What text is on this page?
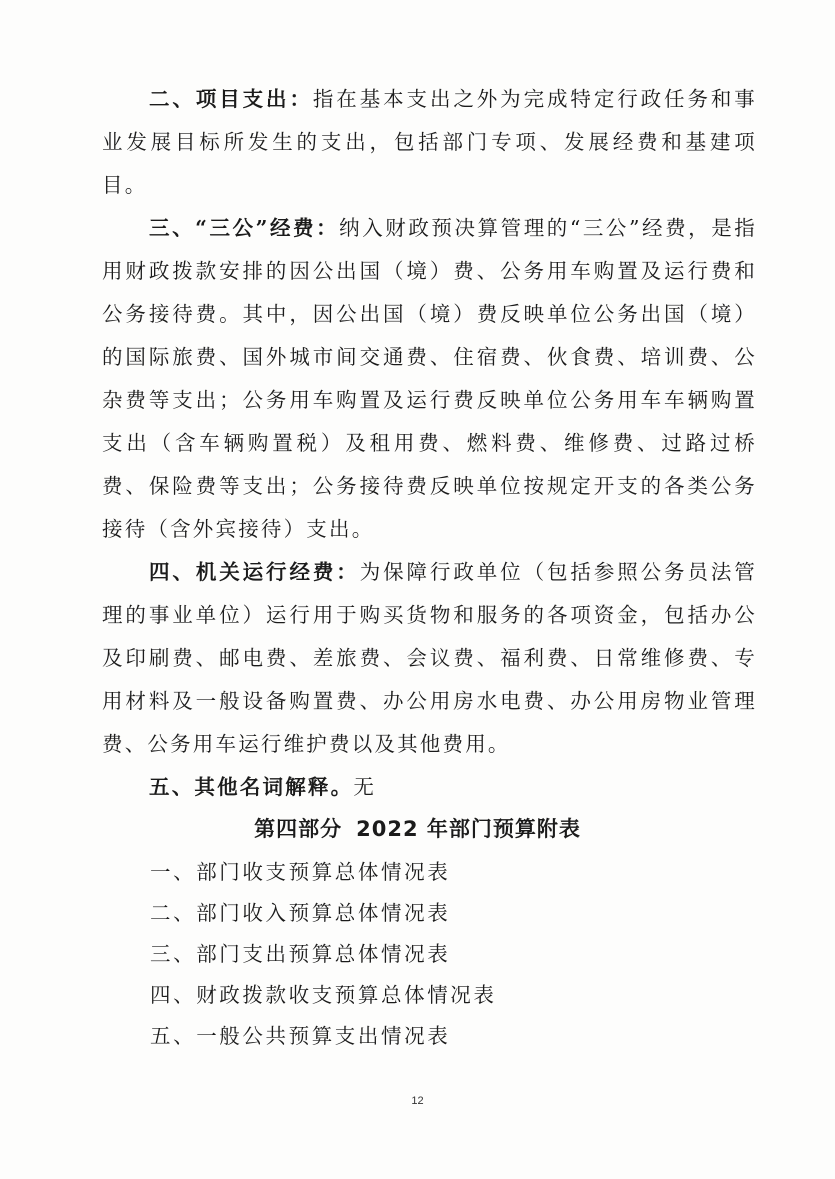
二、项目支出：指在基本支出之外为完成特定行政任务和事业发展目标所发生的支出，包括部门专项、发展经费和基建项目。

三、“三公”经费：纳入财政预决算管理的“三公”经费，是指用财政拨款安排的因公出国（境）费、公务用车购置及运行费和公务接待费。其中，因公出国（境）费反映单位公务出国（境）的国际旅费、国外城市间交通费、住宿费、伙食费、培训费、公杂费等支出；公务用车购置及运行费反映单位公务用车车辆购置支出（含车辆购置税）及租用费、燃料费、维修费、过路过桥费、保险费等支出；公务接待费反映单位按规定开支的各类公务接待（含外宾接待）支出。

四、机关运行经费：为保障行政单位（包括参照公务员法管理的事业单位）运行用于购买货物和服务的各项资金，包括办公及印刷费、邮电费、差旅费、会议费、福利费、日常维修费、专用材料及一般设备购置费、办公用房水电费、办公用房物业管理费、公务用车运行维护费以及其他费用。

五、其他名词解释。无

第四部分 2022 年部门预算附表
一、部门收支预算总体情况表
二、部门收入预算总体情况表
三、部门支出预算总体情况表
四、财政拨款收支预算总体情况表
五、一般公共预算支出情况表
12
